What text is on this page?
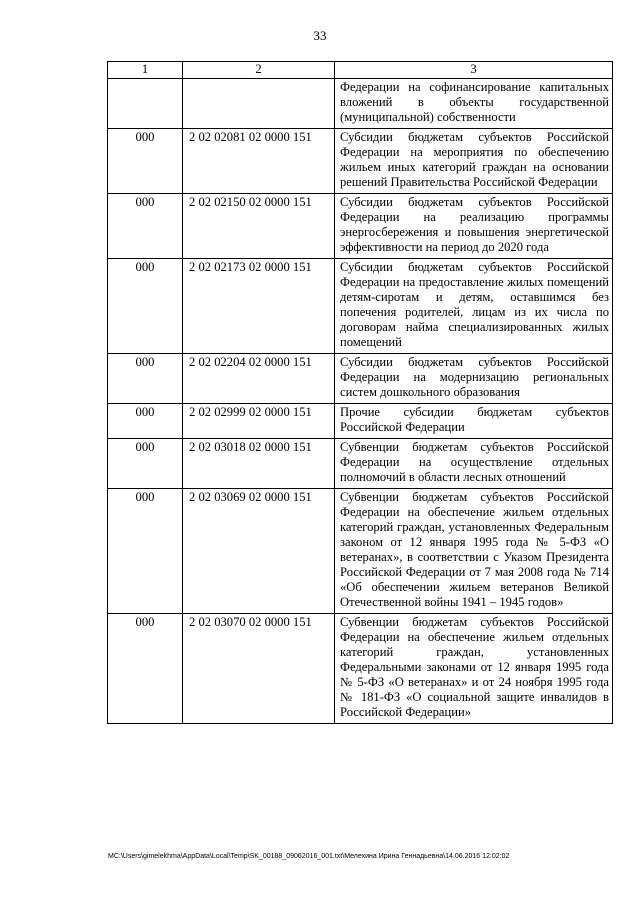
33
1	2	3
		Федерации на софинансирование капитальных вложений в объекты государственной (муниципальной) собственности
000	2 02 02081 02 0000 151	Субсидии бюджетам субъектов Российской Федерации на мероприятия по обеспечению жильем иных категорий граждан на основании решений Правительства Российской Федерации
000	2 02 02150 02 0000 151	Субсидии бюджетам субъектов Российской Федерации на реализацию программы энергосбережения и повышения энергетической эффективности на период до 2020 года
000	2 02 02173 02 0000 151	Субсидии бюджетам субъектов Российской Федерации на предоставление жилых помещений детям-сиротам и детям, оставшимся без попечения родителей, лицам из их числа по договорам найма специализированных жилых помещений
000	2 02 02204 02 0000 151	Субсидии бюджетам субъектов Российской Федерации на модернизацию региональных систем дошкольного образования
000	2 02 02999 02 0000 151	Прочие субсидии бюджетам субъектов Российской Федерации
000	2 02 03018 02 0000 151	Субвенции бюджетам субъектов Российской Федерации на осуществление отдельных полномочий в области лесных отношений
000	2 02 03069 02 0000 151	Субвенции бюджетам субъектов Российской Федерации на обеспечение жильем отдельных категорий граждан, установленных Федеральным законом от 12 января 1995 года № 5-ФЗ «О ветеранах», в соответствии с Указом Президента Российской Федерации от 7 мая 2008 года № 714 «Об обеспечении жильем ветеранов Великой Отечественной войны 1941 – 1945 годов»
000	2 02 03070 02 0000 151	Субвенции бюджетам субъектов Российской Федерации на обеспечение жильем отдельных категорий граждан, установленных Федеральными законами от 12 января 1995 года № 5-ФЗ «О ветеранах» и от 24 ноября 1995 года № 181-ФЗ «О социальной защите инвалидов в Российской Федерации»
МС:\Users\gimelekhma\AppData\Local\Temp\SK_00188_09062016_001.txt\Мелехина Ирина Геннадьевна\14.06.2016 12:02:02
